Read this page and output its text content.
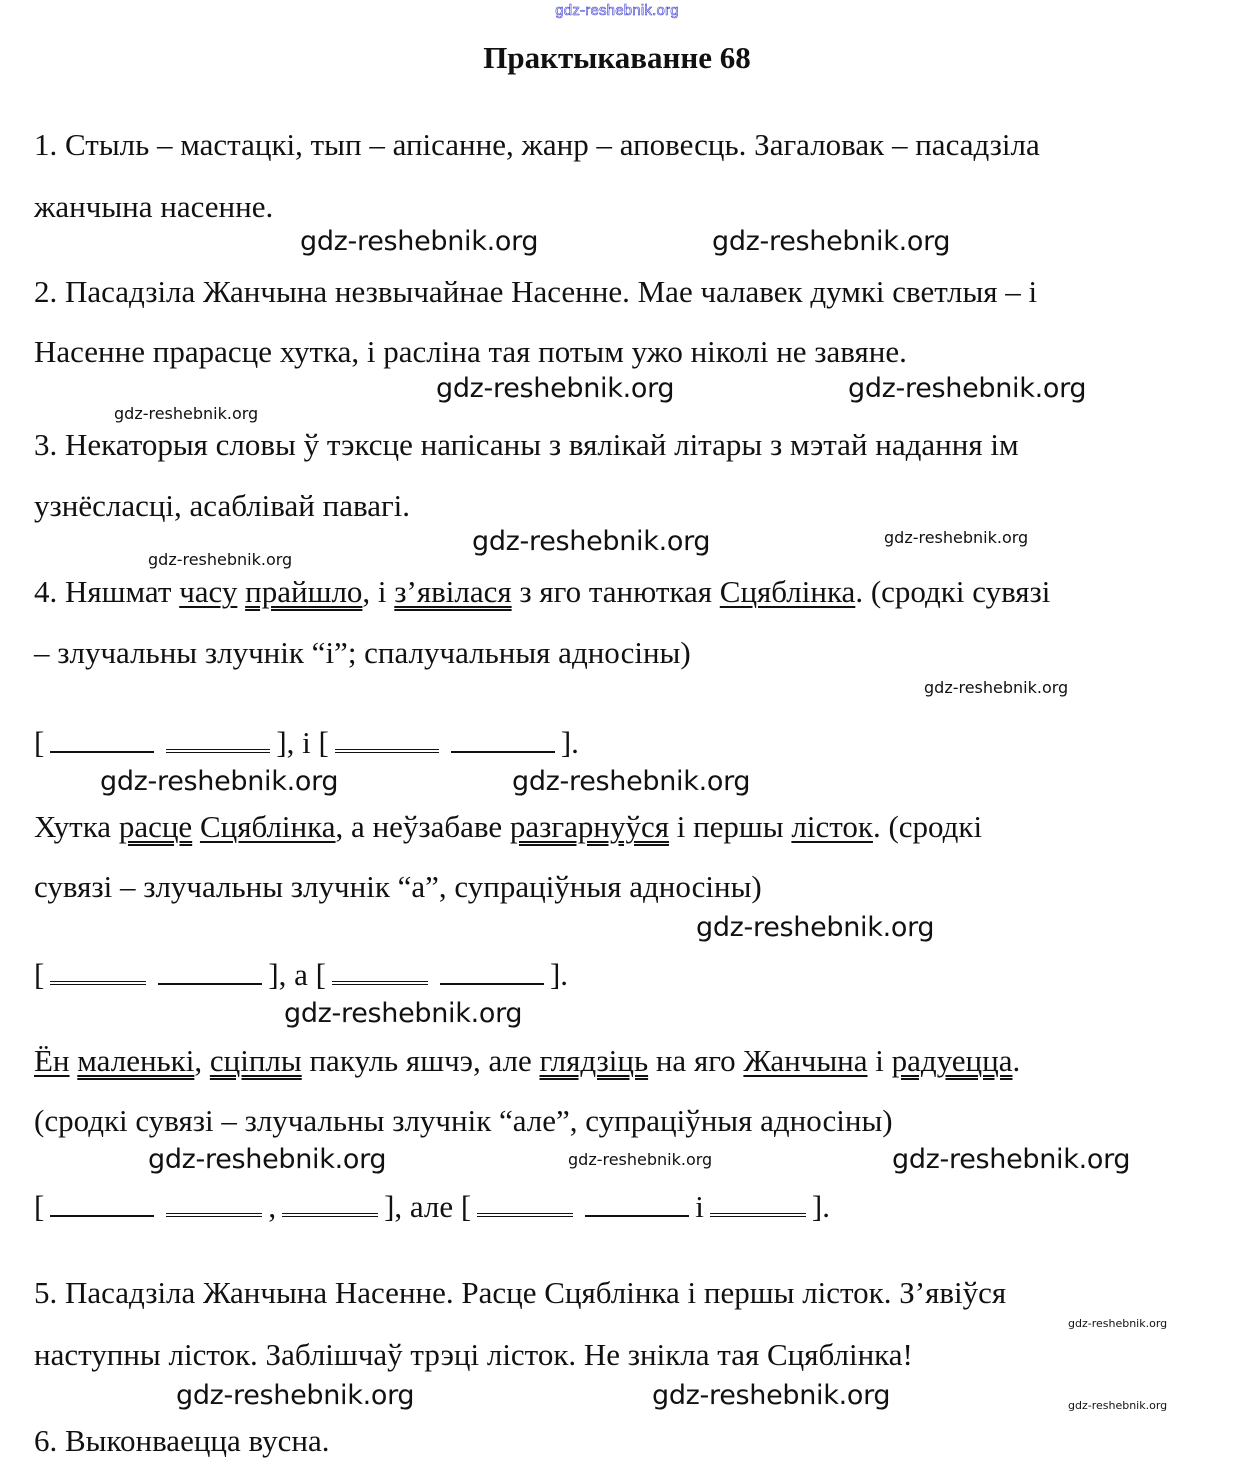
gdz-reshebnik.org
Практыкаванне 68
1. Стыль – мастацкі, тып – апісанне, жанр – аповесць. Загаловак – пасадзіла
жанчына насенне.
2. Пасадзіла Жанчына незвычайнае Насенне. Мае чалавек думкі светлыя – і
Насенне прарасце хутка, і расліна тая потым ужо ніколі не завяне.
3. Некаторыя словы ў тэксце напісаны з вялікай літары з мэтай надання ім
узнёсласці, асаблівай павагі.
4. Няшмат часу прайшло, і з’явілася з яго танюткая Сцяблінка. (сродкі сувязі
– злучальны злучнік “і”; спалучальныя адносіны)
[	], і [	].
Хутка расце Сцяблінка, а неўзабаве разгарнуўся і першы лісток. (сродкі
сувязі – злучальны злучнік “а”, супраціўныя адносіны)
[	], а [	].
Ён маленькі, сціплы пакуль яшчэ, але глядзіць на яго Жанчына і радуецца.
(сродкі сувязі – злучальны злучнік “але”, супраціўныя адносіны)
[	,	], але [	і	].
5. Пасадзіла Жанчына Насенне. Расце Сцяблінка і першы лісток. З’явіўся
наступны лісток. Заблішчаў трэці лісток. Не знікла тая Сцяблінка!
6. Выконваецца вусна.
gdz-reshebnik.org	gdz-reshebnik.org
gdz-reshebnik.org	gdz-reshebnik.org
gdz-reshebnik.org
gdz-reshebnik.org	gdz-reshebnik.org
gdz-reshebnik.org
gdz-reshebnik.org
gdz-reshebnik.org
gdz-reshebnik.org
gdz-reshebnik.org
gdz-reshebnik.org
gdz-reshebnik.org
gdz-reshebnik.org	gdz-reshebnik.org
gdz-reshebnik.org
gdz-reshebnik.org	gdz-reshebnik.org	gdz-reshebnik.org
